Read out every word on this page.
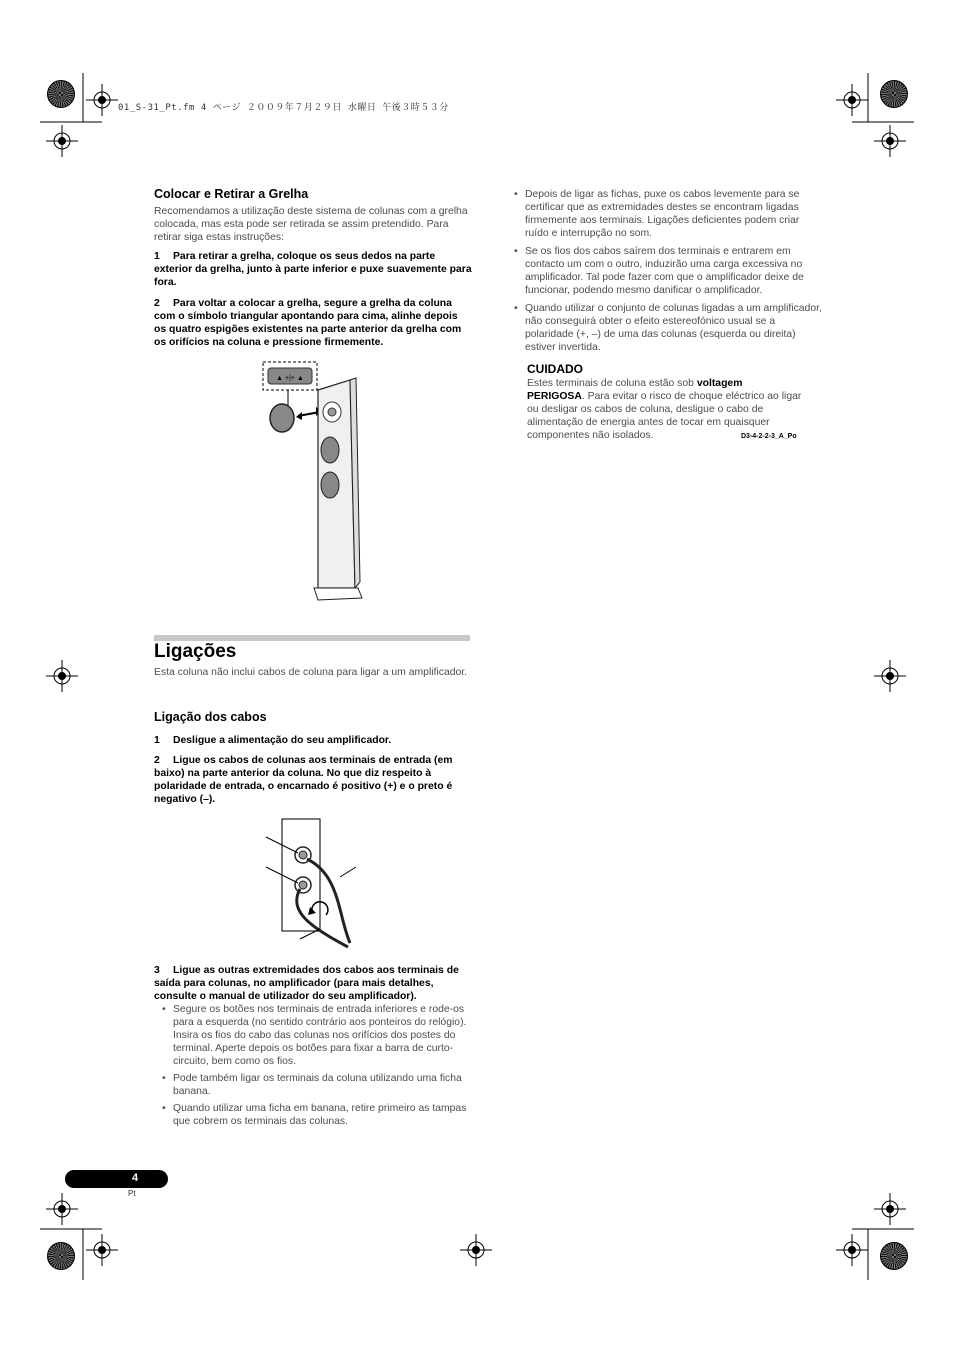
01_S-31_Pt.fm 4 ページ ２００９年７月２９日 水曜日 午後３時５３分
Colocar e Retirar a Grelha
Recomendamos a utilização deste sistema de colunas com a grelha colocada, mas esta pode ser retirada se assim pretendido. Para retirar siga estas instruções:
1 Para retirar a grelha, coloque os seus dedos na parte exterior da grelha, junto à parte inferior e puxe suavemente para fora.
2 Para voltar a colocar a grelha, segure a grelha da coluna com o símbolo triangular apontando para cima, alinhe depois os quatro espigões existentes na parte anterior da grelha com os orifícios na coluna e pressione firmemente.
▲ +|+ ▲
Ligações
Esta coluna não inclui cabos de coluna para ligar a um amplificador.
Ligação dos cabos
1 Desligue a alimentação do seu amplificador.
2 Ligue os cabos de colunas aos terminais de entrada (em baixo) na parte anterior da coluna. No que diz respeito à polaridade de entrada, o encarnado é positivo (+) e o preto é negativo (–).
3 Ligue as outras extremidades dos cabos aos terminais de saída para colunas, no amplificador (para mais detalhes, consulte o manual de utilizador do seu amplificador).
• Segure os botões nos terminais de entrada inferiores e rode-os para a esquerda (no sentido contrário aos ponteiros do relógio). Insira os fios do cabo das colunas nos orifícios dos postes do terminal. Aperte depois os botões para fixar a barra de curto-circuito, bem como os fios.
• Pode também ligar os terminais da coluna utilizando uma ficha banana.
• Quando utilizar uma ficha em banana, retire primeiro as tampas que cobrem os terminais das colunas.
• Depois de ligar as fichas, puxe os cabos levemente para se certificar que as extremidades destes se encontram ligadas firmemente aos terminais. Ligações deficientes podem criar ruído e interrupção no som.
• Se os fios dos cabos saírem dos terminais e entrarem em contacto um com o outro, induzirão uma carga excessiva no amplificador. Tal pode fazer com que o amplificador deixe de funcionar, podendo mesmo danificar o amplificador.
• Quando utilizar o conjunto de colunas ligadas a um amplificador, não conseguirá obter o efeito estereofónico usual se a polaridade (+, –) de uma das colunas (esquerda ou direita) estiver invertida.
CUIDADO
Estes terminais de coluna estão sob voltagem PERIGOSA. Para evitar o risco de choque eléctrico ao ligar ou desligar os cabos de coluna, desligue o cabo de alimentação de energia antes de tocar em quaisquer componentes não isolados.	D3-4-2-2-3_A_Po
4
Pt
